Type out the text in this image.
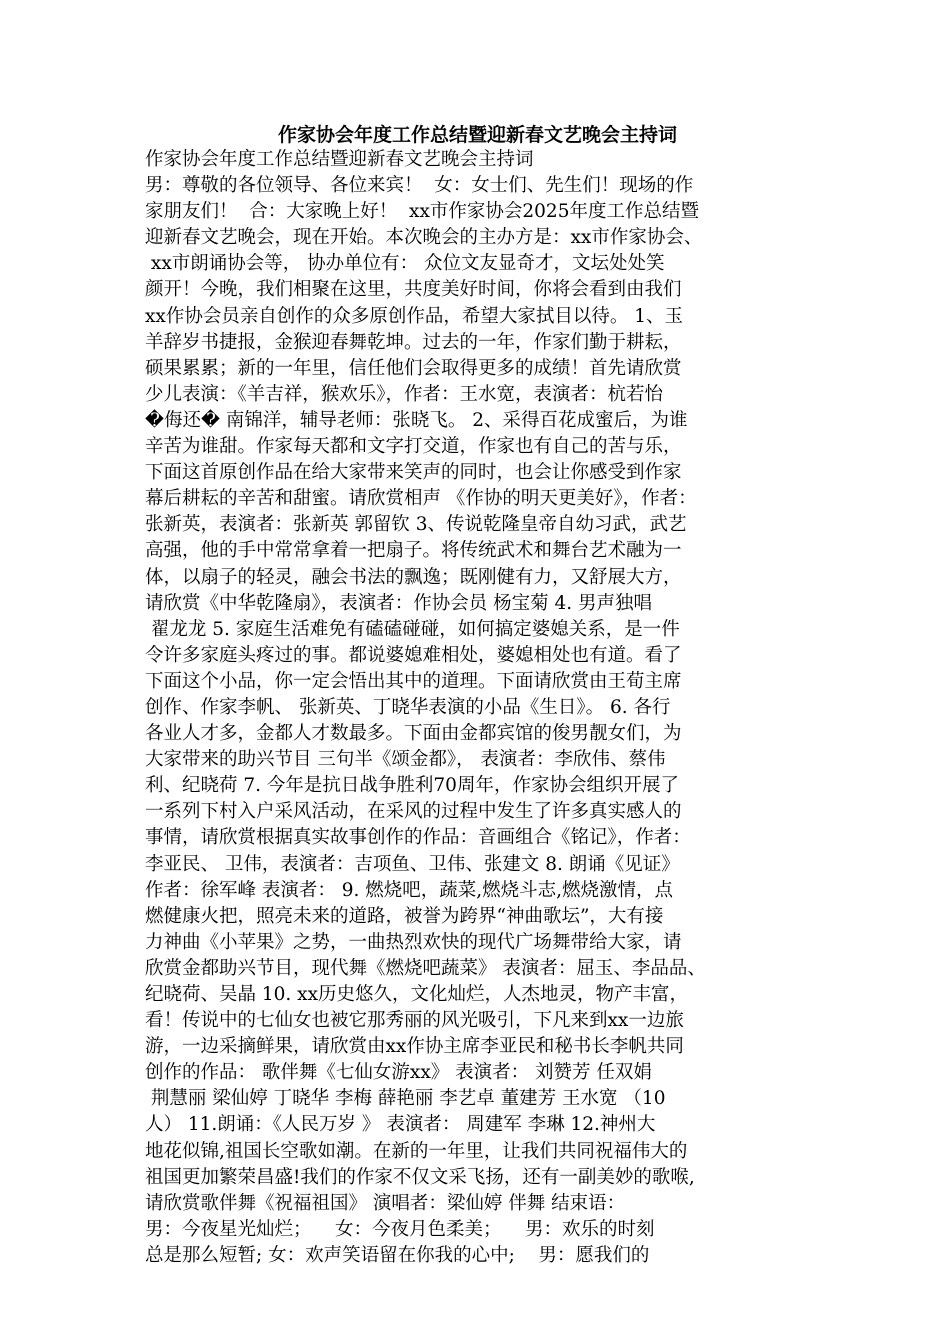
作家协会年度工作总结暨迎新春文艺晚会主持词
作家协会年度工作总结暨迎新春文艺晚会主持词
男：尊敬的各位领导、各位来宾！  女：女士们、先生们！现场的作
家朋友们！  合：大家晚上好！  xx市作家协会2025年度工作总结暨
迎新春文艺晚会，现在开始。本次晚会的主办方是：xx市作家协会、
xx市朗诵协会等， 协办单位有： 众位文友显奇才，文坛处处笑
颜开！今晚，我们相聚在这里，共度美好时间，你将会看到由我们
xx作协会员亲自创作的众多原创作品，希望大家拭目以待。 1、玉
羊辞岁书捷报，金猴迎春舞乾坤。过去的一年，作家们勤于耕耘，
硕果累累；新的一年里，信任他们会取得更多的成绩！首先请欣赏
少儿表演：《羊吉祥，猴欢乐》，作者：王水宽，表演者：杭若怡
�侮还� 南锦洋，辅导老师：张晓飞。 2、采得百花成蜜后，为谁
辛苦为谁甜。作家每天都和文字打交道，作家也有自己的苦与乐，
下面这首原创作品在给大家带来笑声的同时，也会让你感受到作家
幕后耕耘的辛苦和甜蜜。请欣赏相声 《作协的明天更美好》，作者：
张新英，表演者：张新英 郭留钦 3、传说乾隆皇帝自幼习武，武艺
高强，他的手中常常拿着一把扇子。将传统武术和舞台艺术融为一
体，以扇子的轻灵，融会书法的飘逸；既刚健有力，又舒展大方，
请欣赏《中华乾隆扇》，表演者：作协会员 杨宝菊 4. 男声独唱
翟龙龙 5. 家庭生活难免有磕磕碰碰，如何搞定婆媳关系，是一件
令许多家庭头疼过的事。都说婆媳难相处，婆媳相处也有道。看了
下面这个小品，你一定会悟出其中的道理。下面请欣赏由王荀主席
创作、作家李帆、 张新英、丁晓华表演的小品《生日》。 6. 各行
各业人才多，金都人才数最多。下面由金都宾馆的俊男靓女们，为
大家带来的助兴节目 三句半《颂金都》， 表演者：李欣伟、蔡伟
利、纪晓荷 7. 今年是抗日战争胜利70周年，作家协会组织开展了
一系列下村入户采风活动，在采风的过程中发生了许多真实感人的
事情，请欣赏根据真实故事创作的作品：音画组合《铭记》，作者：
李亚民、 卫伟，表演者：吉项鱼、卫伟、张建文 8. 朗诵《见证》
作者：徐军峰 表演者： 9. 燃烧吧，蔬菜,燃烧斗志,燃烧激情，点
燃健康火把，照亮未来的道路，被誉为跨界“神曲歌坛”，大有接
力神曲《小苹果》之势，一曲热烈欢快的现代广场舞带给大家，请
欣赏金都助兴节目，现代舞《燃烧吧蔬菜》 表演者：屈玉、李品品、
纪晓荷、吴晶 10. xx历史悠久，文化灿烂，人杰地灵，物产丰富，
看！传说中的七仙女也被它那秀丽的风光吸引，下凡来到xx一边旅
游，一边采摘鲜果，请欣赏由xx作协主席李亚民和秘书长李帆共同
创作的作品： 歌伴舞《七仙女游xx》 表演者： 刘赞芳 任双娟
荆慧丽 梁仙婷 丁晓华 李梅 薛艳丽 李艺卓 董建芳 王水宽 （10
人） 11.朗诵：《人民万岁 》 表演者： 周建军 李琳 12.神州大
地花似锦,祖国长空歌如潮。在新的一年里，让我们共同祝福伟大的
祖国更加繁荣昌盛!我们的作家不仅文采飞扬，还有一副美妙的歌喉,
请欣赏歌伴舞《祝福祖国》 演唱者：梁仙婷 伴舞 结束语：
男：今夜星光灿烂；    女：今夜月色柔美；    男：欢乐的时刻
总是那么短暂; 女：欢声笑语留在你我的心中;    男：愿我们的
